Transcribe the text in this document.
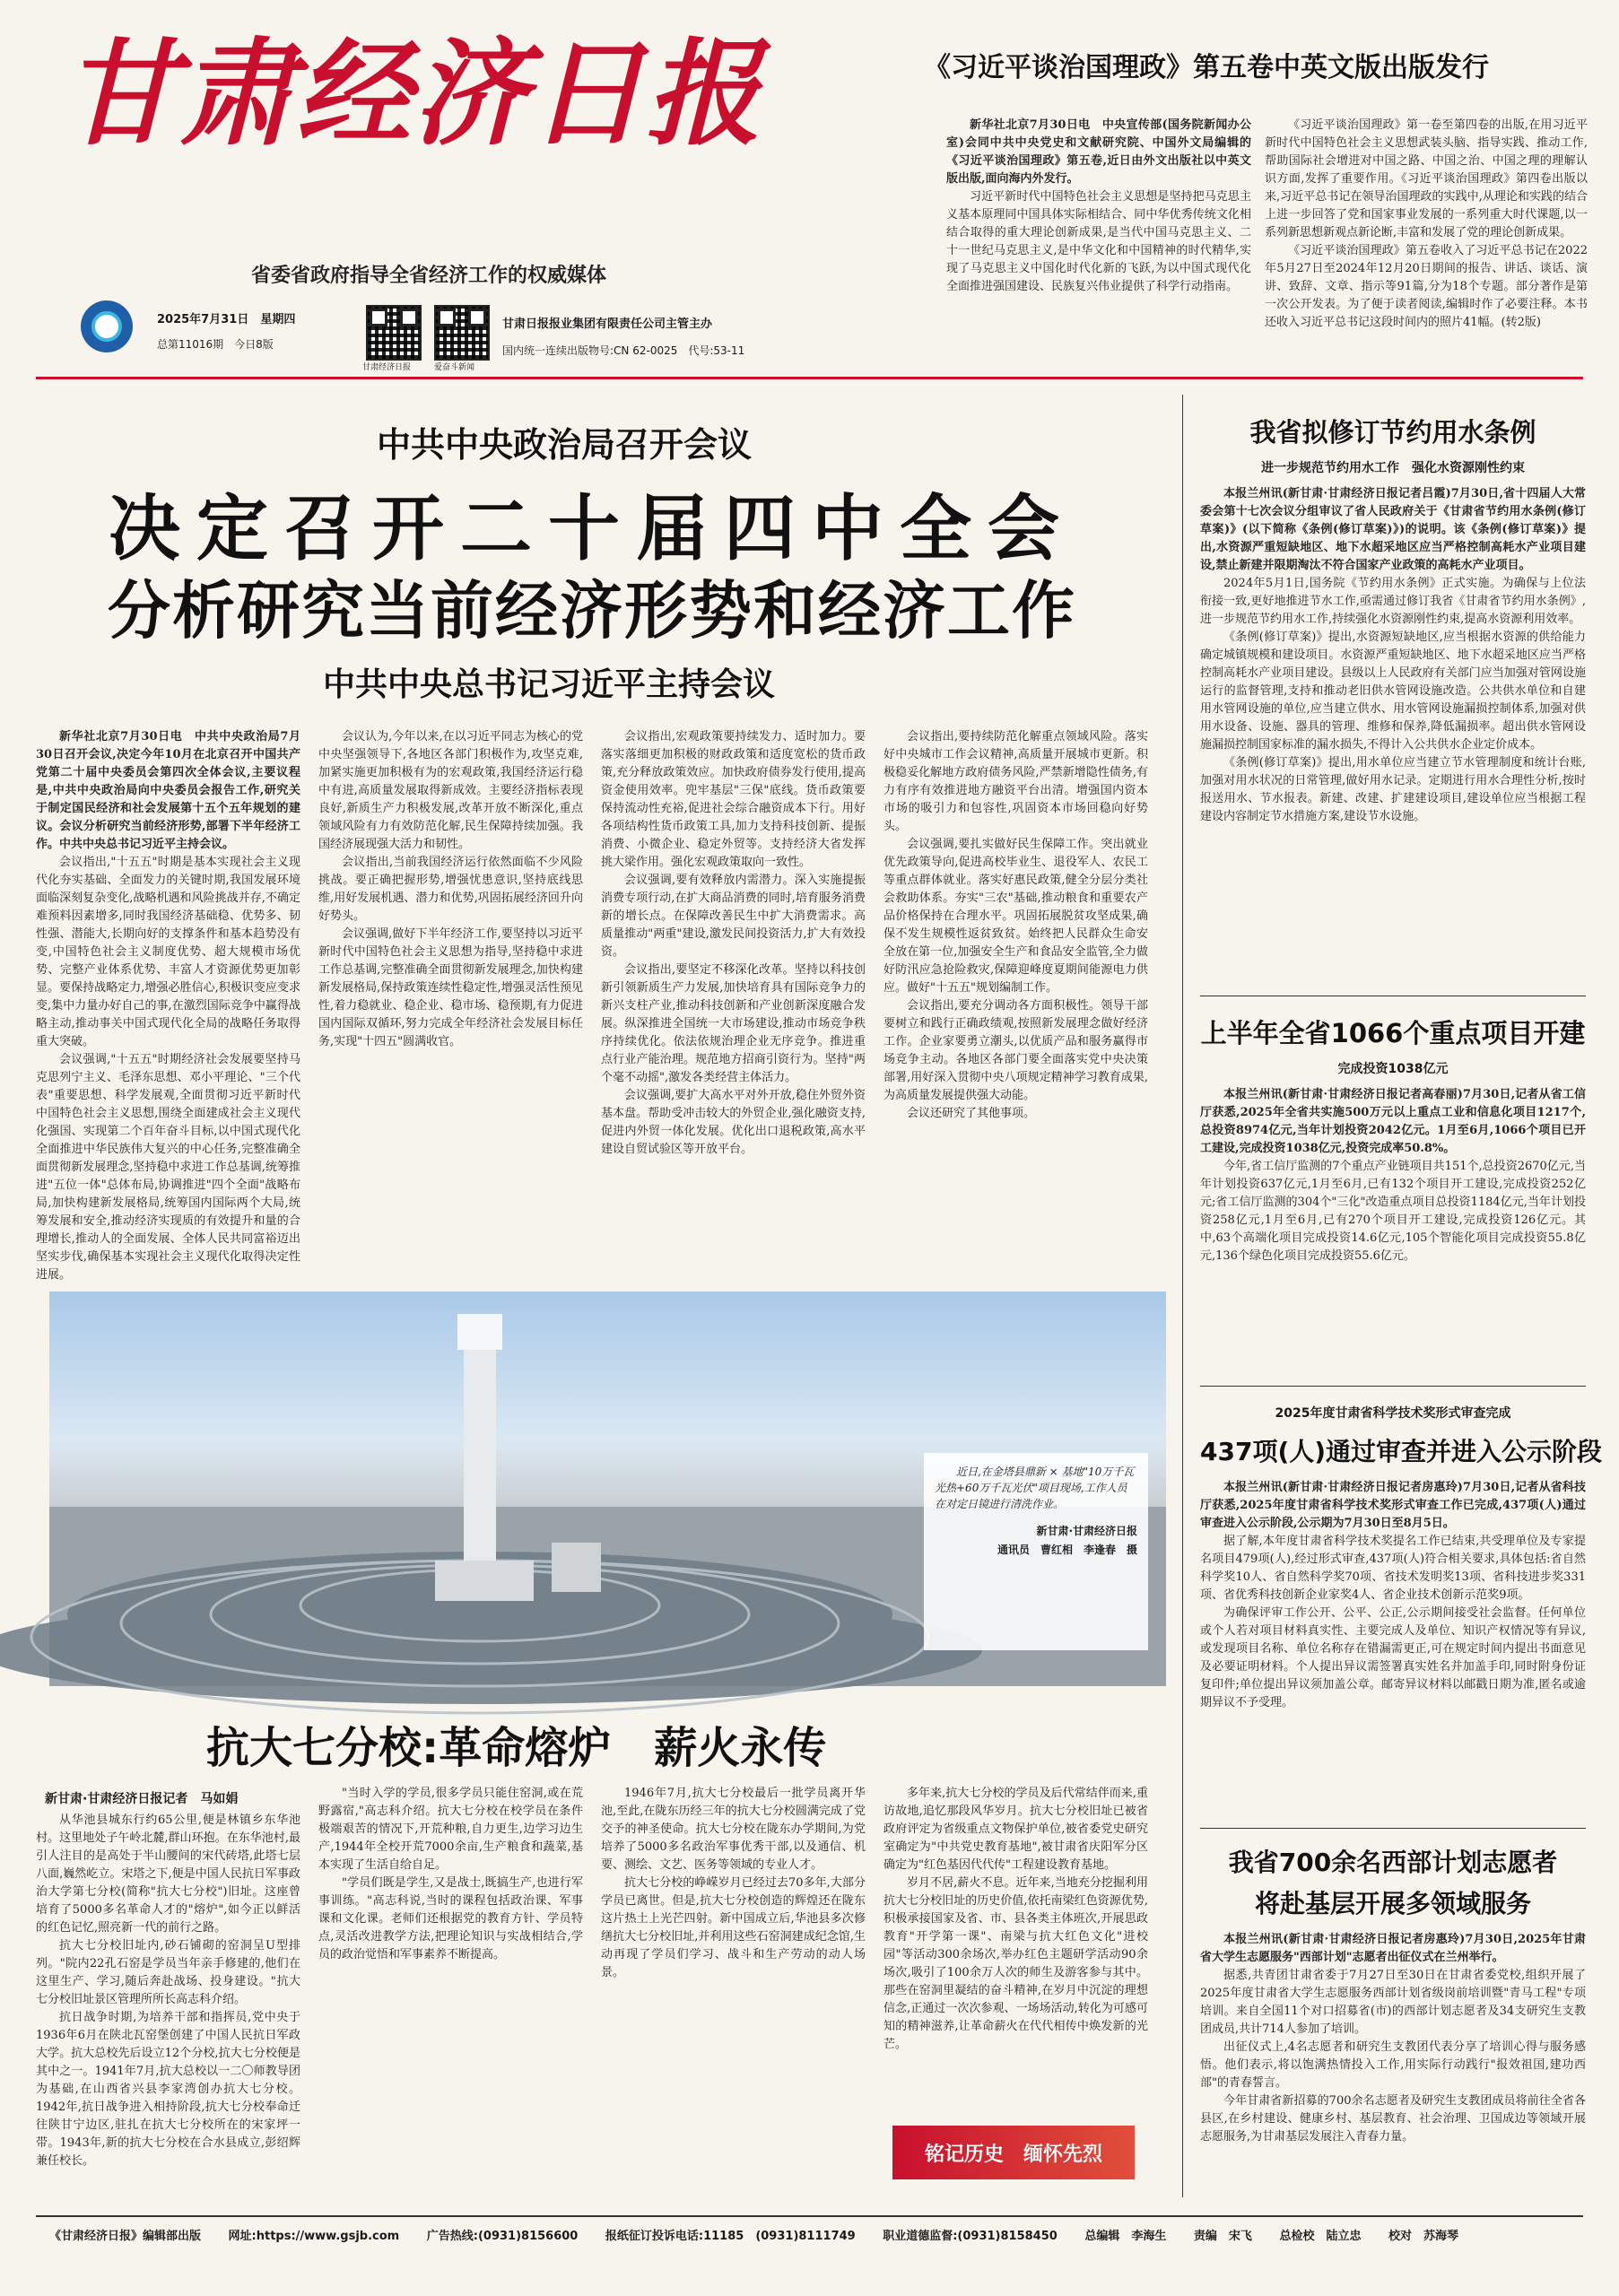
甘肃经济日报
省委省政府指导全省经济工作的权威媒体
2025年7月31日　星期四
总第11016期　今日8版
甘肃经济日报	爱奋斗新闻
甘肃日报报业集团有限责任公司主管主办
国内统一连续出版物号:CN 62-0025　代号:53-11
《习近平谈治国理政》第五卷中英文版出版发行

新华社北京7月30日电　中央宣传部(国务院新闻办公室)会同中共中央党史和文献研究院、中国外文局编辑的《习近平谈治国理政》第五卷,近日由外文出版社以中英文版出版,面向海内外发行。

习近平新时代中国特色社会主义思想是坚持把马克思主义基本原理同中国具体实际相结合、同中华优秀传统文化相结合取得的重大理论创新成果,是当代中国马克思主义、二十一世纪马克思主义,是中华文化和中国精神的时代精华,实现了马克思主义中国化时代化新的飞跃,为以中国式现代化全面推进强国建设、民族复兴伟业提供了科学行动指南。

《习近平谈治国理政》第一卷至第四卷的出版,在用习近平新时代中国特色社会主义思想武装头脑、指导实践、推动工作,帮助国际社会增进对中国之路、中国之治、中国之理的理解认识方面,发挥了重要作用。《习近平谈治国理政》第四卷出版以来,习近平总书记在领导治国理政的实践中,从理论和实践的结合上进一步回答了党和国家事业发展的一系列重大时代课题,以一系列新思想新观点新论断,丰富和发展了党的理论创新成果。

《习近平谈治国理政》第五卷收入了习近平总书记在2022年5月27日至2024年12月20日期间的报告、讲话、谈话、演讲、致辞、文章、指示等91篇,分为18个专题。部分著作是第一次公开发表。为了便于读者阅读,编辑时作了必要注释。本书还收入习近平总书记这段时间内的照片41幅。(转2版)

中共中央政治局召开会议
决定召开二十届四中全会
分析研究当前经济形势和经济工作
中共中央总书记习近平主持会议

新华社北京7月30日电　中共中央政治局7月30日召开会议,决定今年10月在北京召开中国共产党第二十届中央委员会第四次全体会议,主要议程是,中共中央政治局向中央委员会报告工作,研究关于制定国民经济和社会发展第十五个五年规划的建议。会议分析研究当前经济形势,部署下半年经济工作。中共中央总书记习近平主持会议。

会议指出,"十五五"时期是基本实现社会主义现代化夯实基础、全面发力的关键时期,我国发展环境面临深刻复杂变化,战略机遇和风险挑战并存,不确定难预料因素增多,同时我国经济基础稳、优势多、韧性强、潜能大,长期向好的支撑条件和基本趋势没有变,中国特色社会主义制度优势、超大规模市场优势、完整产业体系优势、丰富人才资源优势更加彰显。要保持战略定力,增强必胜信心,积极识变应变求变,集中力量办好自己的事,在激烈国际竞争中赢得战略主动,推动事关中国式现代化全局的战略任务取得重大突破。

会议强调,"十五五"时期经济社会发展要坚持马克思列宁主义、毛泽东思想、邓小平理论、"三个代表"重要思想、科学发展观,全面贯彻习近平新时代中国特色社会主义思想,围绕全面建成社会主义现代化强国、实现第二个百年奋斗目标,以中国式现代化全面推进中华民族伟大复兴的中心任务,完整准确全面贯彻新发展理念,坚持稳中求进工作总基调,统筹推进"五位一体"总体布局,协调推进"四个全面"战略布局,加快构建新发展格局,统筹国内国际两个大局,统筹发展和安全,推动经济实现质的有效提升和量的合理增长,推动人的全面发展、全体人民共同富裕迈出坚实步伐,确保基本实现社会主义现代化取得决定性进展。

会议认为,今年以来,在以习近平同志为核心的党中央坚强领导下,各地区各部门积极作为,攻坚克难,加紧实施更加积极有为的宏观政策,我国经济运行稳中有进,高质量发展取得新成效。主要经济指标表现良好,新质生产力积极发展,改革开放不断深化,重点领域风险有力有效防范化解,民生保障持续加强。我国经济展现强大活力和韧性。

会议指出,当前我国经济运行依然面临不少风险挑战。要正确把握形势,增强忧患意识,坚持底线思维,用好发展机遇、潜力和优势,巩固拓展经济回升向好势头。

会议强调,做好下半年经济工作,要坚持以习近平新时代中国特色社会主义思想为指导,坚持稳中求进工作总基调,完整准确全面贯彻新发展理念,加快构建新发展格局,保持政策连续性稳定性,增强灵活性预见性,着力稳就业、稳企业、稳市场、稳预期,有力促进国内国际双循环,努力完成全年经济社会发展目标任务,实现"十四五"圆满收官。

会议指出,宏观政策要持续发力、适时加力。要落实落细更加积极的财政政策和适度宽松的货币政策,充分释放政策效应。加快政府债券发行使用,提高资金使用效率。兜牢基层"三保"底线。货币政策要保持流动性充裕,促进社会综合融资成本下行。用好各项结构性货币政策工具,加力支持科技创新、提振消费、小微企业、稳定外贸等。支持经济大省发挥挑大梁作用。强化宏观政策取向一致性。

会议强调,要有效释放内需潜力。深入实施提振消费专项行动,在扩大商品消费的同时,培育服务消费新的增长点。在保障改善民生中扩大消费需求。高质量推动"两重"建设,激发民间投资活力,扩大有效投资。

会议指出,要坚定不移深化改革。坚持以科技创新引领新质生产力发展,加快培育具有国际竞争力的新兴支柱产业,推动科技创新和产业创新深度融合发展。纵深推进全国统一大市场建设,推动市场竞争秩序持续优化。依法依规治理企业无序竞争。推进重点行业产能治理。规范地方招商引资行为。坚持"两个毫不动摇",激发各类经营主体活力。

会议强调,要扩大高水平对外开放,稳住外贸外资基本盘。帮助受冲击较大的外贸企业,强化融资支持,促进内外贸一体化发展。优化出口退税政策,高水平建设自贸试验区等开放平台。

会议指出,要持续防范化解重点领域风险。落实好中央城市工作会议精神,高质量开展城市更新。积极稳妥化解地方政府债务风险,严禁新增隐性债务,有力有序有效推进地方融资平台出清。增强国内资本市场的吸引力和包容性,巩固资本市场回稳向好势头。

会议强调,要扎实做好民生保障工作。突出就业优先政策导向,促进高校毕业生、退役军人、农民工等重点群体就业。落实好惠民政策,健全分层分类社会救助体系。夯实"三农"基础,推动粮食和重要农产品价格保持在合理水平。巩固拓展脱贫攻坚成果,确保不发生规模性返贫致贫。始终把人民群众生命安全放在第一位,加强安全生产和食品安全监管,全力做好防汛应急抢险救灾,保障迎峰度夏期间能源电力供应。做好"十五五"规划编制工作。

会议指出,要充分调动各方面积极性。领导干部要树立和践行正确政绩观,按照新发展理念做好经济工作。企业家要勇立潮头,以优质产品和服务赢得市场竞争主动。各地区各部门要全面落实党中央决策部署,用好深入贯彻中央八项规定精神学习教育成果,为高质量发展提供强大动能。

会议还研究了其他事项。

近日,在金塔县鼎新 × 基地"10万千瓦光热+60万千瓦光伏"项目现场,工作人员在对定日镜进行清洗作业。
新甘肃·甘肃经济日报
通讯员　曹红相　李逢春　摄
抗大七分校:革命熔炉　薪火永传
新甘肃·甘肃经济日报记者　马如娟

从华池县城东行约65公里,便是林镇乡东华池村。这里地处子午岭北麓,群山环抱。在东华池村,最引人注目的是高处于半山腰间的宋代砖塔,此塔七层八面,巍然屹立。宋塔之下,便是中国人民抗日军事政治大学第七分校(简称"抗大七分校")旧址。这座曾培育了5000多名革命人才的"熔炉",如今正以鲜活的红色记忆,照亮新一代的前行之路。

抗大七分校旧址内,砂石铺砌的窑洞呈U型排列。"院内22孔石窑是学员当年亲手修建的,他们在这里生产、学习,随后奔赴战场、投身建设。"抗大七分校旧址景区管理所所长高志科介绍。

抗日战争时期,为培养干部和指挥员,党中央于1936年6月在陕北瓦窑堡创建了中国人民抗日军政大学。抗大总校先后设立12个分校,抗大七分校便是其中之一。1941年7月,抗大总校以一二〇师教导团为基础,在山西省兴县李家湾创办抗大七分校。1942年,抗日战争进入相持阶段,抗大七分校奉命迁往陕甘宁边区,驻扎在抗大七分校所在的宋家坪一带。1943年,新的抗大七分校在合水县成立,彭绍辉兼任校长。

"当时入学的学员,很多学员只能住窑洞,或在荒野露宿,"高志科介绍。抗大七分校在校学员在条件极端艰苦的情况下,开荒种粮,自力更生,边学习边生产,1944年全校开荒7000余亩,生产粮食和蔬菜,基本实现了生活自给自足。

"学员们既是学生,又是战士,既搞生产,也进行军事训练。"高志科说,当时的课程包括政治课、军事课和文化课。老师们还根据党的教育方针、学员特点,灵活改进教学方法,把理论知识与实战相结合,学员的政治觉悟和军事素养不断提高。

1946年7月,抗大七分校最后一批学员离开华池,至此,在陇东历经三年的抗大七分校圆满完成了党交予的神圣使命。抗大七分校在陇东办学期间,为党培养了5000多名政治军事优秀干部,以及通信、机要、测绘、文艺、医务等领域的专业人才。

抗大七分校的峥嵘岁月已经过去70多年,大部分学员已离世。但是,抗大七分校创造的辉煌还在陇东这片热土上光芒四射。新中国成立后,华池县多次修缮抗大七分校旧址,并利用这些石窑洞建成纪念馆,生动再现了学员们学习、战斗和生产劳动的动人场景。

多年来,抗大七分校的学员及后代常结伴而来,重访故地,追忆那段风华岁月。抗大七分校旧址已被省政府评定为省级重点文物保护单位,被省委党史研究室确定为"中共党史教育基地",被甘肃省庆阳军分区确定为"红色基因代代传"工程建设教育基地。

岁月不居,薪火不息。近年来,当地充分挖掘利用抗大七分校旧址的历史价值,依托南梁红色资源优势,积极承接国家及省、市、县各类主体班次,开展思政教育"开学第一课"、南梁与抗大红色文化"进校园"等活动300余场次,举办红色主题研学活动90余场次,吸引了100余万人次的师生及游客参与其中。那些在窑洞里凝结的奋斗精神,在岁月中沉淀的理想信念,正通过一次次参观、一场场活动,转化为可感可知的精神滋养,让革命薪火在代代相传中焕发新的光芒。

铭记历史　缅怀先烈
我省拟修订节约用水条例
进一步规范节约用水工作　强化水资源刚性约束

本报兰州讯(新甘肃·甘肃经济日报记者吕霞)7月30日,省十四届人大常委会第十七次会议分组审议了省人民政府关于《甘肃省节约用水条例(修订草案)》(以下简称《条例(修订草案)》)的说明。该《条例(修订草案)》提出,水资源严重短缺地区、地下水超采地区应当严格控制高耗水产业项目建设,禁止新建并限期淘汰不符合国家产业政策的高耗水产业项目。

2024年5月1日,国务院《节约用水条例》正式实施。为确保与上位法衔接一致,更好地推进节水工作,亟需通过修订我省《甘肃省节约用水条例》,进一步规范节约用水工作,持续强化水资源刚性约束,提高水资源利用效率。

《条例(修订草案)》提出,水资源短缺地区,应当根据水资源的供给能力确定城镇规模和建设项目。水资源严重短缺地区、地下水超采地区应当严格控制高耗水产业项目建设。县级以上人民政府有关部门应当加强对管网设施运行的监督管理,支持和推动老旧供水管网设施改造。公共供水单位和自建用水管网设施的单位,应当建立供水、用水管网设施漏损控制体系,加强对供用水设备、设施、器具的管理、维修和保养,降低漏损率。超出供水管网设施漏损控制国家标准的漏水损失,不得计入公共供水企业定价成本。

《条例(修订草案)》提出,用水单位应当建立节水管理制度和统计台账,加强对用水状况的日常管理,做好用水记录。定期进行用水合理性分析,按时报送用水、节水报表。新建、改建、扩建建设项目,建设单位应当根据工程建设内容制定节水措施方案,建设节水设施。

上半年全省1066个重点项目开建
完成投资1038亿元

本报兰州讯(新甘肃·甘肃经济日报记者高春丽)7月30日,记者从省工信厅获悉,2025年全省共实施500万元以上重点工业和信息化项目1217个,总投资8974亿元,当年计划投资2042亿元。1月至6月,1066个项目已开工建设,完成投资1038亿元,投资完成率50.8%。

今年,省工信厅监测的7个重点产业链项目共151个,总投资2670亿元,当年计划投资637亿元,1月至6月,已有132个项目开工建设,完成投资252亿元;省工信厅监测的304个"三化"改造重点项目总投资1184亿元,当年计划投资258亿元,1月至6月,已有270个项目开工建设,完成投资126亿元。其中,63个高端化项目完成投资14.6亿元,105个智能化项目完成投资55.8亿元,136个绿色化项目完成投资55.6亿元。

2025年度甘肃省科学技术奖形式审查完成
437项(人)通过审查并进入公示阶段

本报兰州讯(新甘肃·甘肃经济日报记者房惠玲)7月30日,记者从省科技厅获悉,2025年度甘肃省科学技术奖形式审查工作已完成,437项(人)通过审查进入公示阶段,公示期为7月30日至8月5日。

据了解,本年度甘肃省科学技术奖提名工作已结束,共受理单位及专家提名项目479项(人),经过形式审查,437项(人)符合相关要求,具体包括:省自然科学奖10人、省自然科学奖70项、省技术发明奖13项、省科技进步奖331项、省优秀科技创新企业家奖4人、省企业技术创新示范奖9项。

为确保评审工作公开、公平、公正,公示期间接受社会监督。任何单位或个人若对项目材料真实性、主要完成人及单位、知识产权情况等有异议,或发现项目名称、单位名称存在错漏需更正,可在规定时间内提出书面意见及必要证明材料。个人提出异议需签署真实姓名并加盖手印,同时附身份证复印件;单位提出异议须加盖公章。邮寄异议材料以邮戳日期为准,匿名或逾期异议不予受理。

我省700余名西部计划志愿者
将赴基层开展多领域服务

本报兰州讯(新甘肃·甘肃经济日报记者房惠玲)7月30日,2025年甘肃省大学生志愿服务"西部计划"志愿者出征仪式在兰州举行。

据悉,共青团甘肃省委于7月27日至30日在甘肃省委党校,组织开展了2025年度甘肃省大学生志愿服务西部计划省级岗前培训暨"青马工程"专项培训。来自全国11个对口招募省(市)的西部计划志愿者及34支研究生支教团成员,共计714人参加了培训。

出征仪式上,4名志愿者和研究生支教团代表分享了培训心得与服务感悟。他们表示,将以饱满热情投入工作,用实际行动践行"报效祖国,建功西部"的青春誓言。

今年甘肃省新招募的700余名志愿者及研究生支教团成员将前往全省各县区,在乡村建设、健康乡村、基层教育、社会治理、卫国成边等领域开展志愿服务,为甘肃基层发展注入青春力量。

《甘肃经济日报》编辑部出版 网址:https://www.gsjb.com 广告热线:(0931)8156600 报纸征订投诉电话:11185　(0931)8111749 职业道德监督:(0931)8158450 总编辑　李海生 责编　宋飞 总检校　陆立忠 校对　苏海琴
